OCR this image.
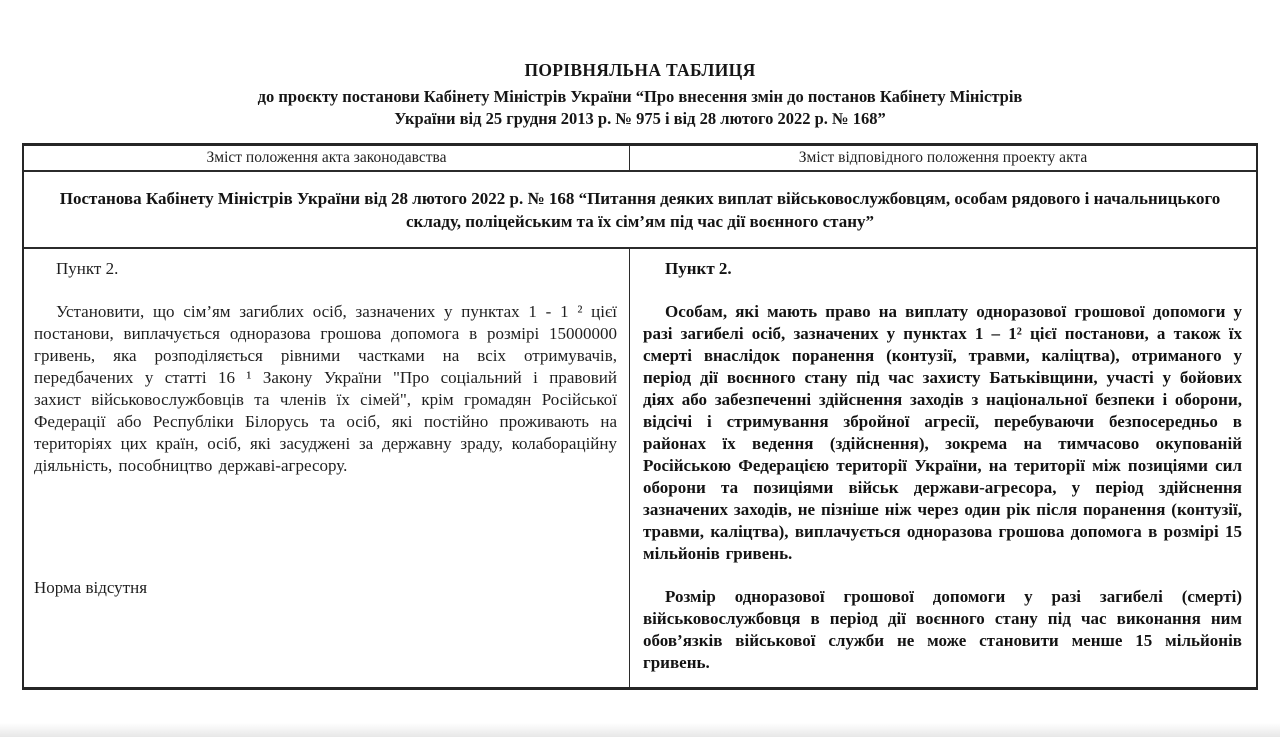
ПОРІВНЯЛЬНА ТАБЛИЦЯ
до проєкту постанови Кабінету Міністрів України “Про внесення змін до постанов Кабінету Міністрів
України від 25 грудня 2013 р. № 975 і від 28 лютого 2022 р. № 168”
Зміст положення акта законодавства	Зміст відповідного положення проекту акта
Постанова Кабінету Міністрів України від 28 лютого 2022 р. № 168 “Питання деяких виплат військовослужбовцям, особам рядового і начальницького складу, поліцейським та їх сім’ям під час дії воєнного стану”
Пункт 2.
Установити, що сім’ям загиблих осіб, зазначених у пунктах 1 - 1 ² цієї постанови, виплачується одноразова грошова допомога в розмірі 15000000 гривень, яка розподіляється рівними частками на всіх отримувачів, передбачених у статті 16 ¹ Закону України "Про соціальний і правовий захист військовослужбовців та членів їх сімей", крім громадян Російської Федерації або Республіки Білорусь та осіб, які постійно проживають на територіях цих країн, осіб, які засуджені за державну зраду, колабораційну діяльність, пособництво державі-агресору.
Норма відсутня
Пункт 2.
Особам, які мають право на виплату одноразової грошової допомоги у разі загибелі осіб, зазначених у пунктах 1 – 1² цієї постанови, а також їх смерті внаслідок поранення (контузії, травми, каліцтва), отриманого у період дії воєнного стану під час захисту Батьківщини, участі у бойових діях або забезпеченні здійснення заходів з національної безпеки і оборони, відсічі і стримування збройної агресії, перебуваючи безпосередньо в районах їх ведення (здійснення), зокрема на тимчасово окупованій Російською Федерацією території України, на території між позиціями сил оборони та позиціями військ держави-агресора, у період здійснення зазначених заходів, не пізніше ніж через один рік після поранення (контузії, травми, каліцтва), виплачується одноразова грошова допомога в розмірі 15 мільйонів гривень.
Розмір одноразової грошової допомоги у разі загибелі (смерті) військовослужбовця в період дії воєнного стану під час виконання ним обов’язків військової служби не може становити менше 15 мільйонів гривень.
